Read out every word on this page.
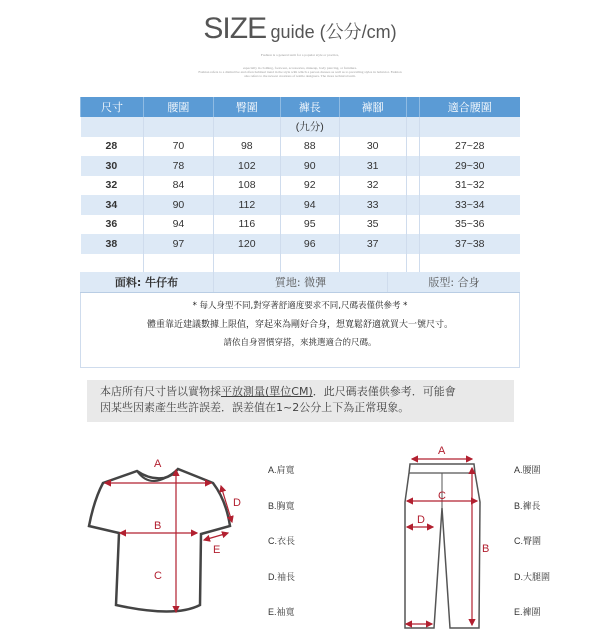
SIZE guide (公分/cm)
Fashion is a general term for a popular style or practice,
especially in clothing, footwear, accessories, makeup, body piercing, or furniture.
Fashion refers to a distinctive and often habitual trend in the style with which a person dresses as well as to prevailing styles in behavior. Fashion
also refers to the newest creations of textile designers. The more technical term.
尺寸	腰圍	臀圍	褲長	褲腳		適合腰圍
			(九分)			
28	70	98	88	30		27~28
30	78	102	90	31		29~30
32	84	108	92	32		31~32
34	90	112	94	33		33~34
36	94	116	95	35		35~36
38	97	120	96	37		37~38

面料: 牛仔布	質地: 微彈	版型: 合身

* 每人身型不同,對穿著舒適度要求不同,尺碼表僅供參考 *

體重靠近建議數據上限值，穿起來為剛好合身，想寬鬆舒適就買大一號尺寸。

請依自身習慣穿搭，來挑選適合的尺碼。

本店所有尺寸皆以實物採平放測量(單位CM)．此尺碼表僅供參考．可能會
因某些因素產生些許誤差．誤差值在1~2公分上下為正常現象。
A
B
C
D
E
A.肩寬
B.胸寬
C.衣長
D.袖長
E.袖寬
A
B
C
D
A.腰圍
B.褲長
C.臀圍
D.大腿圍
E.褲圍
